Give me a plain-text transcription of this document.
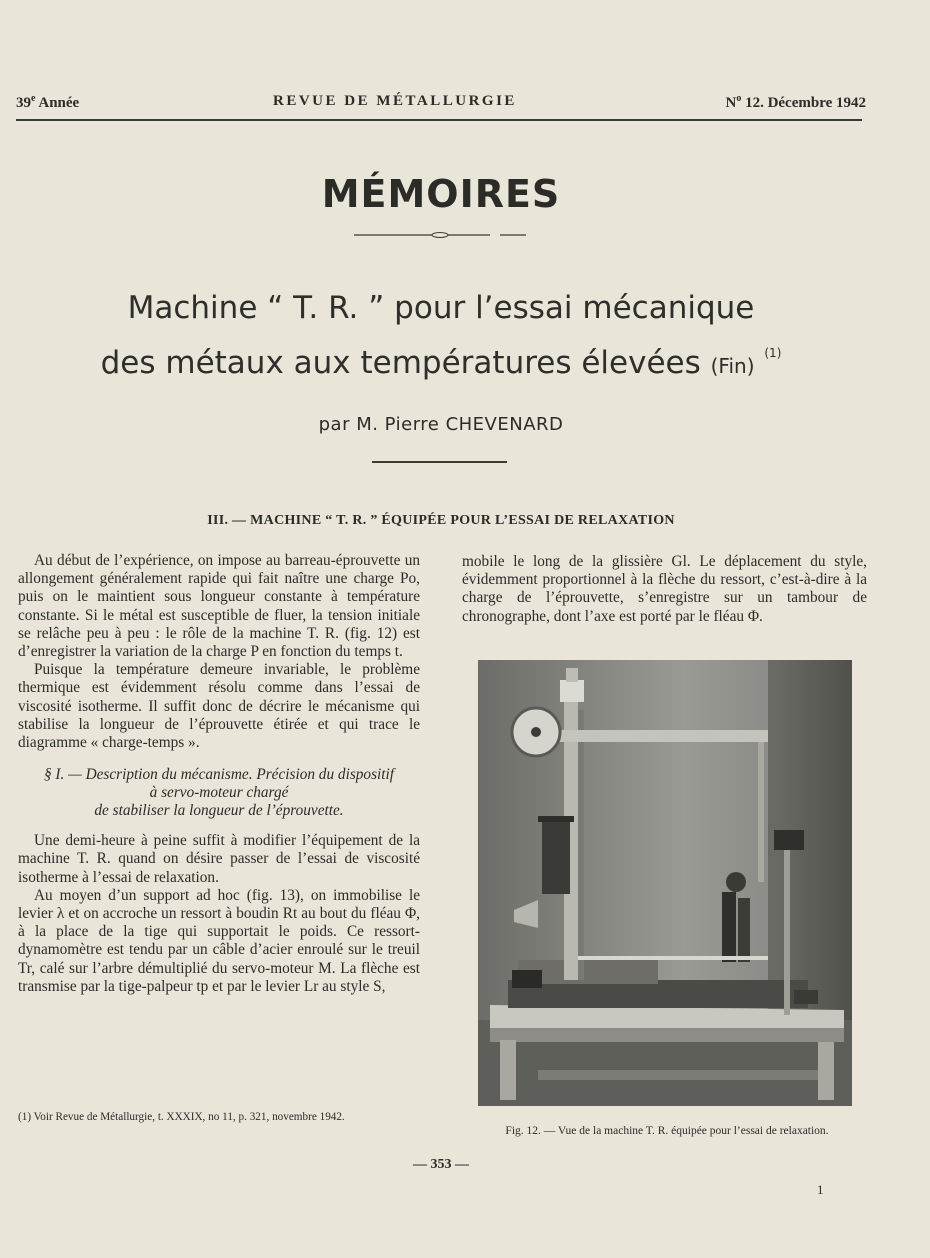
39e Année	REVUE DE MÉTALLURGIE	$N^o$ 12. Décembre 1942
MÉMOIRES
Machine “ T. R. ” pour l’essai mécanique
des métaux aux températures élevées (Fin) $^{(1)}$
par M. Pierre CHEVENARD
III. — MACHINE “ T. R. ” ÉQUIPÉE POUR L’ESSAI DE RELAXATION

Au début de l’expérience, on impose au barreau-éprouvette un allongement généralement rapide qui fait naître une charge Po, puis on le maintient sous longueur constante à température constante. Si le métal est susceptible de fluer, la tension initiale se relâche peu à peu : le rôle de la machine T. R. (fig. 12) est d’enregistrer la variation de la charge P en fonction du temps t.

Puisque la température demeure invariable, le problème thermique est évidemment résolu comme dans l’essai de viscosité isotherme. Il suffit donc de décrire le mécanisme qui stabilise la longueur de l’éprouvette étirée et qui trace le diagramme « charge-temps ».

§ I. — Description du mécanisme. Précision du dispositif
à servo-moteur chargé
de stabiliser la longueur de l’éprouvette.

Une demi-heure à peine suffit à modifier l’équipement de la machine T. R. quand on désire passer de l’essai de viscosité isotherme à l’essai de relaxation.

Au moyen d’un support ad hoc (fig. 13), on immobilise le levier λ et on accroche un ressort à boudin Rt au bout du fléau Φ, à la place de la tige qui supportait le poids. Ce ressort-dynamomètre est tendu par un câble d’acier enroulé sur le treuil Tr, calé sur l’arbre démultiplié du servo-moteur M. La flèche est transmise par la tige-palpeur tp et par le levier Lr au style S,

(1) Voir Revue de Métallurgie, t. XXXIX, no 11, p. 321, novembre 1942.

mobile le long de la glissière Gl. Le déplacement du style, évidemment proportionnel à la flèche du ressort, c’est-à-dire à la charge de l’éprouvette, s’enregistre sur un tambour de chronographe, dont l’axe est porté par le fléau Φ.

Fig. 12. — Vue de la machine T. R. équipée pour l’essai de relaxation.
— 353 —
1
